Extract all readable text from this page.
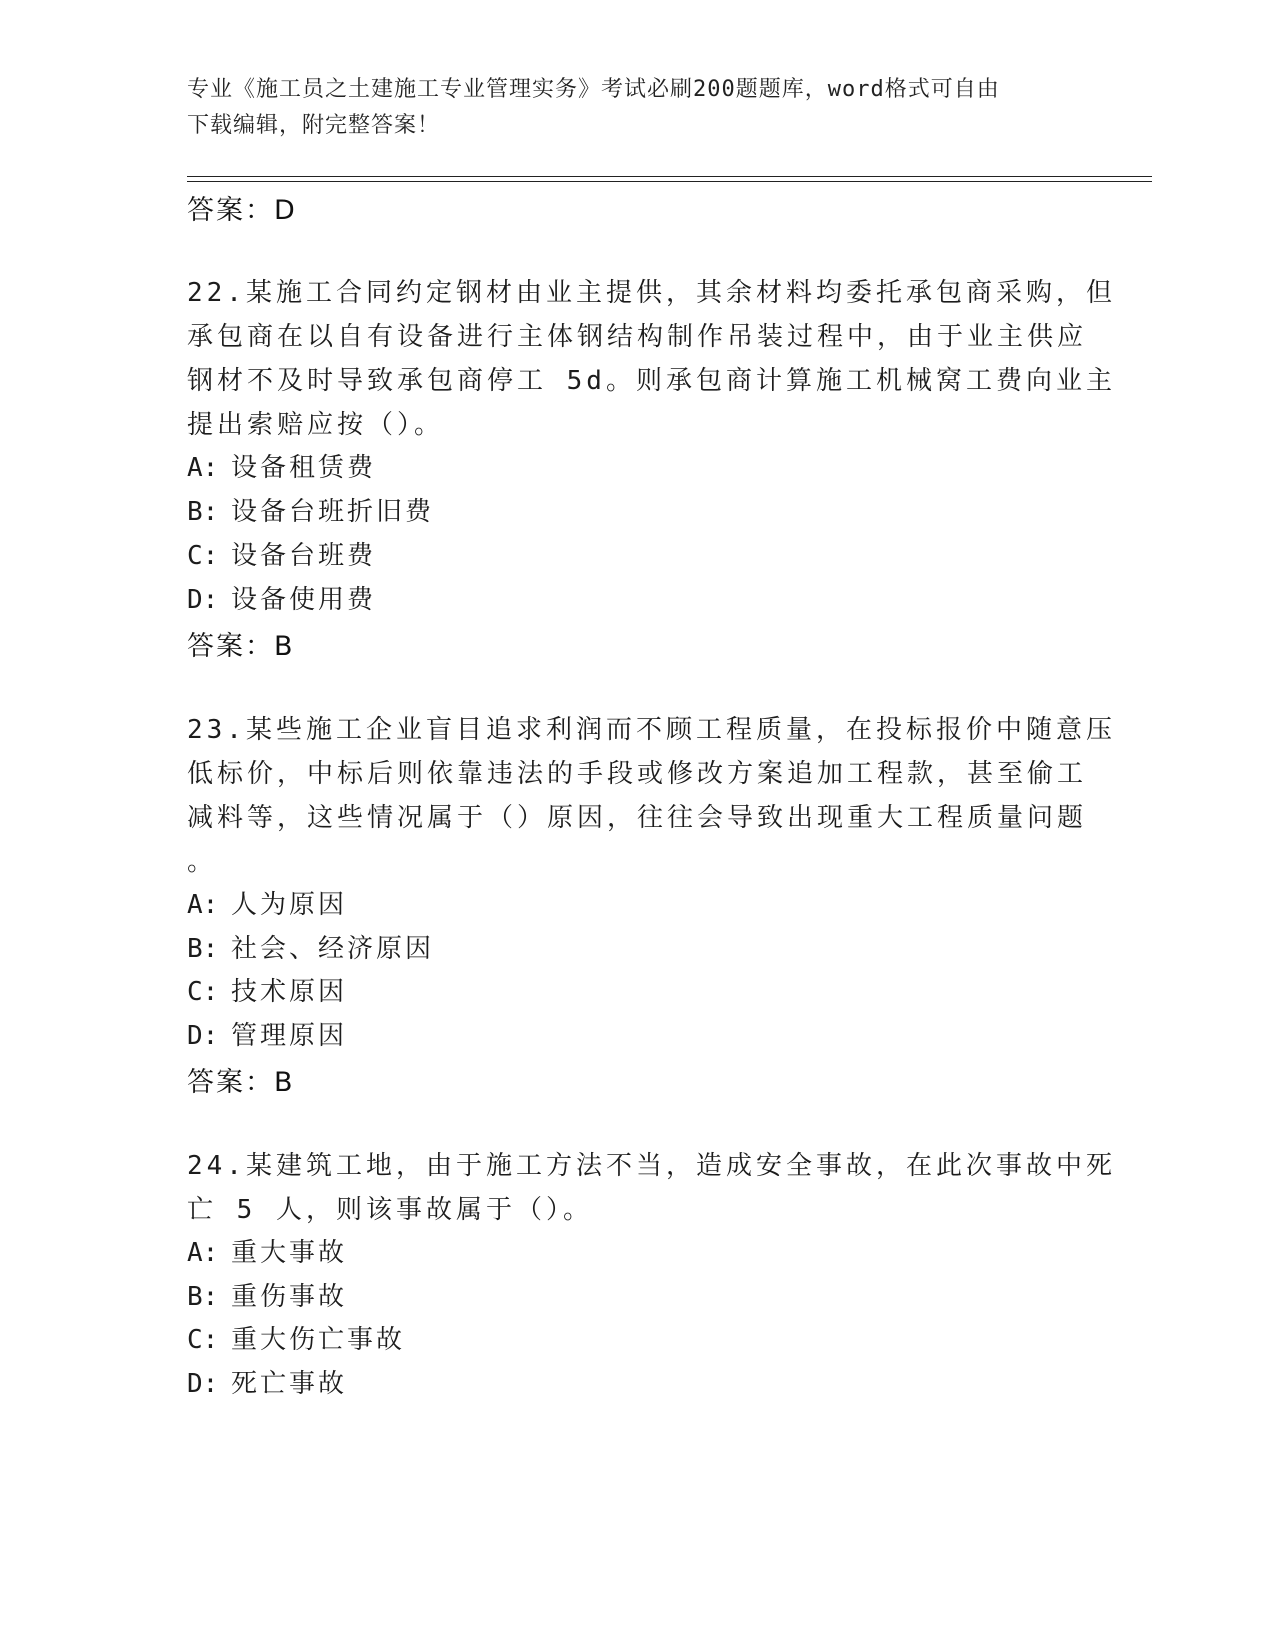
专业《施工员之土建施工专业管理实务》考试必刷200题题库，word格式可自由
下载编辑，附完整答案！
答案：D
22.某施工合同约定钢材由业主提供，其余材料均委托承包商采购，但
承包商在以自有设备进行主体钢结构制作吊装过程中，由于业主供应
钢材不及时导致承包商停工 5d。则承包商计算施工机械窝工费向业主
提出索赔应按（）。
A: 设备租赁费
B: 设备台班折旧费
C: 设备台班费
D: 设备使用费
答案：B
23.某些施工企业盲目追求利润而不顾工程质量，在投标报价中随意压
低标价，中标后则依靠违法的手段或修改方案追加工程款，甚至偷工
减料等，这些情况属于（）原因，往往会导致出现重大工程质量问题
。
A: 人为原因
B: 社会、经济原因
C: 技术原因
D: 管理原因
答案：B
24.某建筑工地，由于施工方法不当，造成安全事故，在此次事故中死
亡 5 人，则该事故属于（）。
A: 重大事故
B: 重伤事故
C: 重大伤亡事故
D: 死亡事故
